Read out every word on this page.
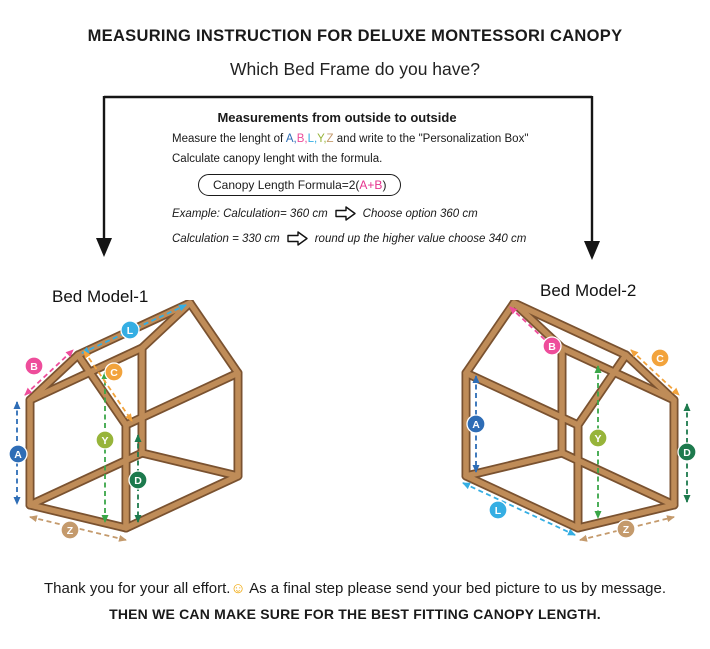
MEASURING INSTRUCTION FOR DELUXE MONTESSORI CANOPY
Which Bed Frame do you have?
Measurements from outside to outside
Measure the lenght of A,B,L,Y,Z and write to the "Personalization Box"
Calculate canopy lenght with the formula.
Canopy Length Formula=2(A+B)
Example: Calculation= 360 cm	Choose option 360 cm
Calculation = 330 cm	round up the higher value choose 340 cm
Bed Model-1	Bed Model-2
L
B
A
Y
C
D
Z
C
B
A
Y
D
L
Z
Thank you for your all effort.☺ As a final step please send your bed picture to us by message.
THEN WE CAN MAKE SURE FOR THE BEST FITTING CANOPY LENGTH.
